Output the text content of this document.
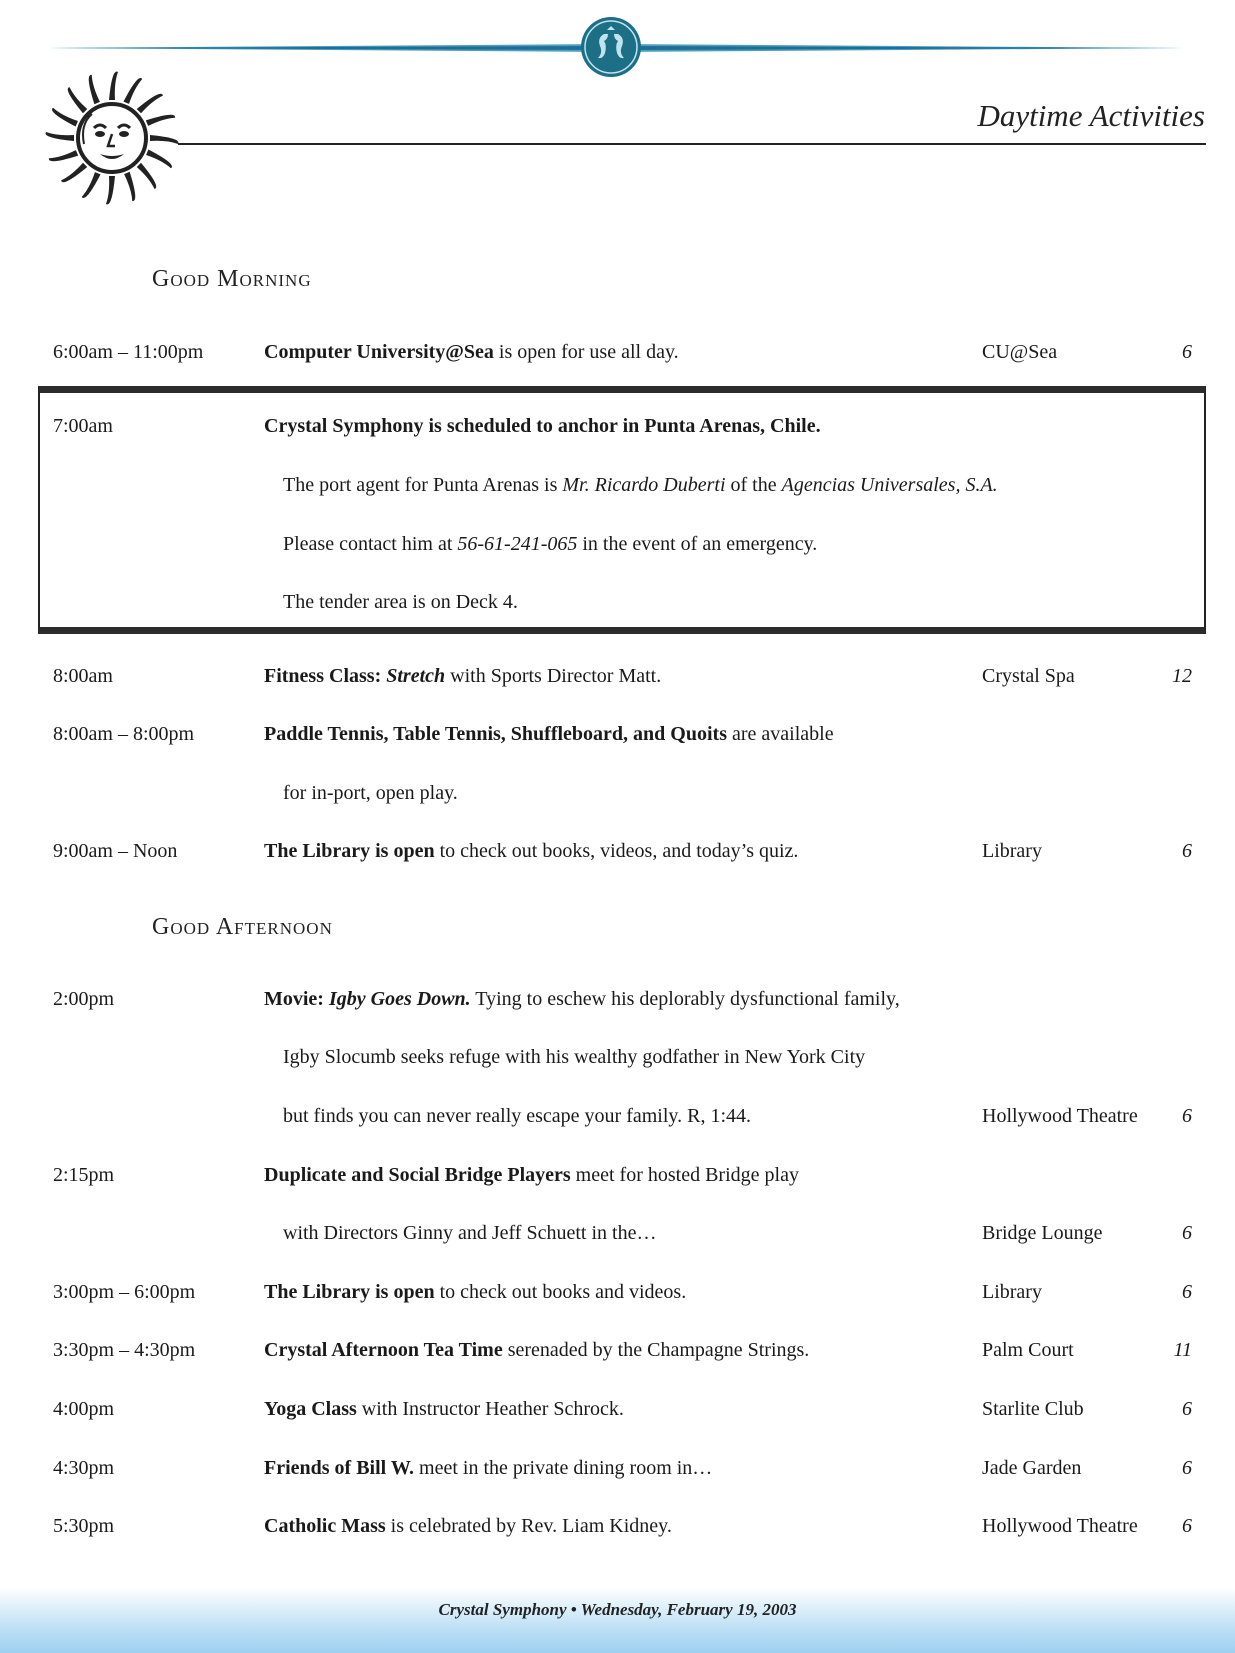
Daytime Activities
Good Morning
6:00am – 11:00pm	Computer University@Sea is open for use all day.	CU@Sea	6
7:00am	Crystal Symphony is scheduled to anchor in Punta Arenas, Chile.
The port agent for Punta Arenas is Mr. Ricardo Duberti of the Agencias Universales, S.A.
Please contact him at 56-61-241-065 in the event of an emergency.
The tender area is on Deck 4.
8:00am	Fitness Class: Stretch with Sports Director Matt.	Crystal Spa	12
8:00am – 8:00pm	Paddle Tennis, Table Tennis, Shuffleboard, and Quoits are available
for in-port, open play.
9:00am – Noon	The Library is open to check out books, videos, and today’s quiz.	Library	6
Good Afternoon
2:00pm	Movie: Igby Goes Down. Tying to eschew his deplorably dysfunctional family,
Igby Slocumb seeks refuge with his wealthy godfather in New York City
but finds you can never really escape your family. R, 1:44.	Hollywood Theatre 6
2:15pm	Duplicate and Social Bridge Players meet for hosted Bridge play
with Directors Ginny and Jeff Schuett in the…	Bridge Lounge	6
3:00pm – 6:00pm	The Library is open to check out books and videos.	Library	6
3:30pm – 4:30pm	Crystal Afternoon Tea Time serenaded by the Champagne Strings.	Palm Court	11
4:00pm	Yoga Class with Instructor Heather Schrock.	Starlite Club	6
4:30pm	Friends of Bill W. meet in the private dining room in…	Jade Garden	6
5:30pm	Catholic Mass is celebrated by Rev. Liam Kidney.	Hollywood Theatre 6
Crystal Symphony • Wednesday, February 19, 2003
